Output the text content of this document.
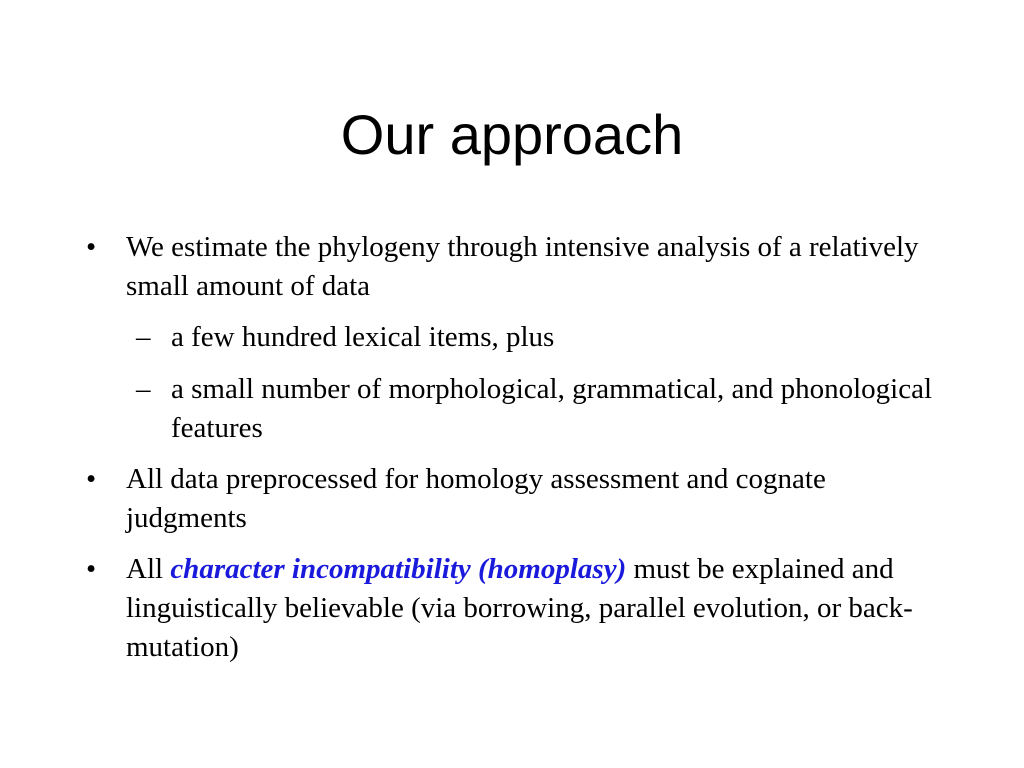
Our approach
•	We estimate the phylogeny through intensive analysis of a relatively small amount of data
– a few hundred lexical items, plus
– a small number of morphological, grammatical, and phonological features
•	All data preprocessed for homology assessment and cognate judgments
•	All character incompatibility (homoplasy) must be explained and linguistically believable (via borrowing, parallel evolution, or back-mutation)
